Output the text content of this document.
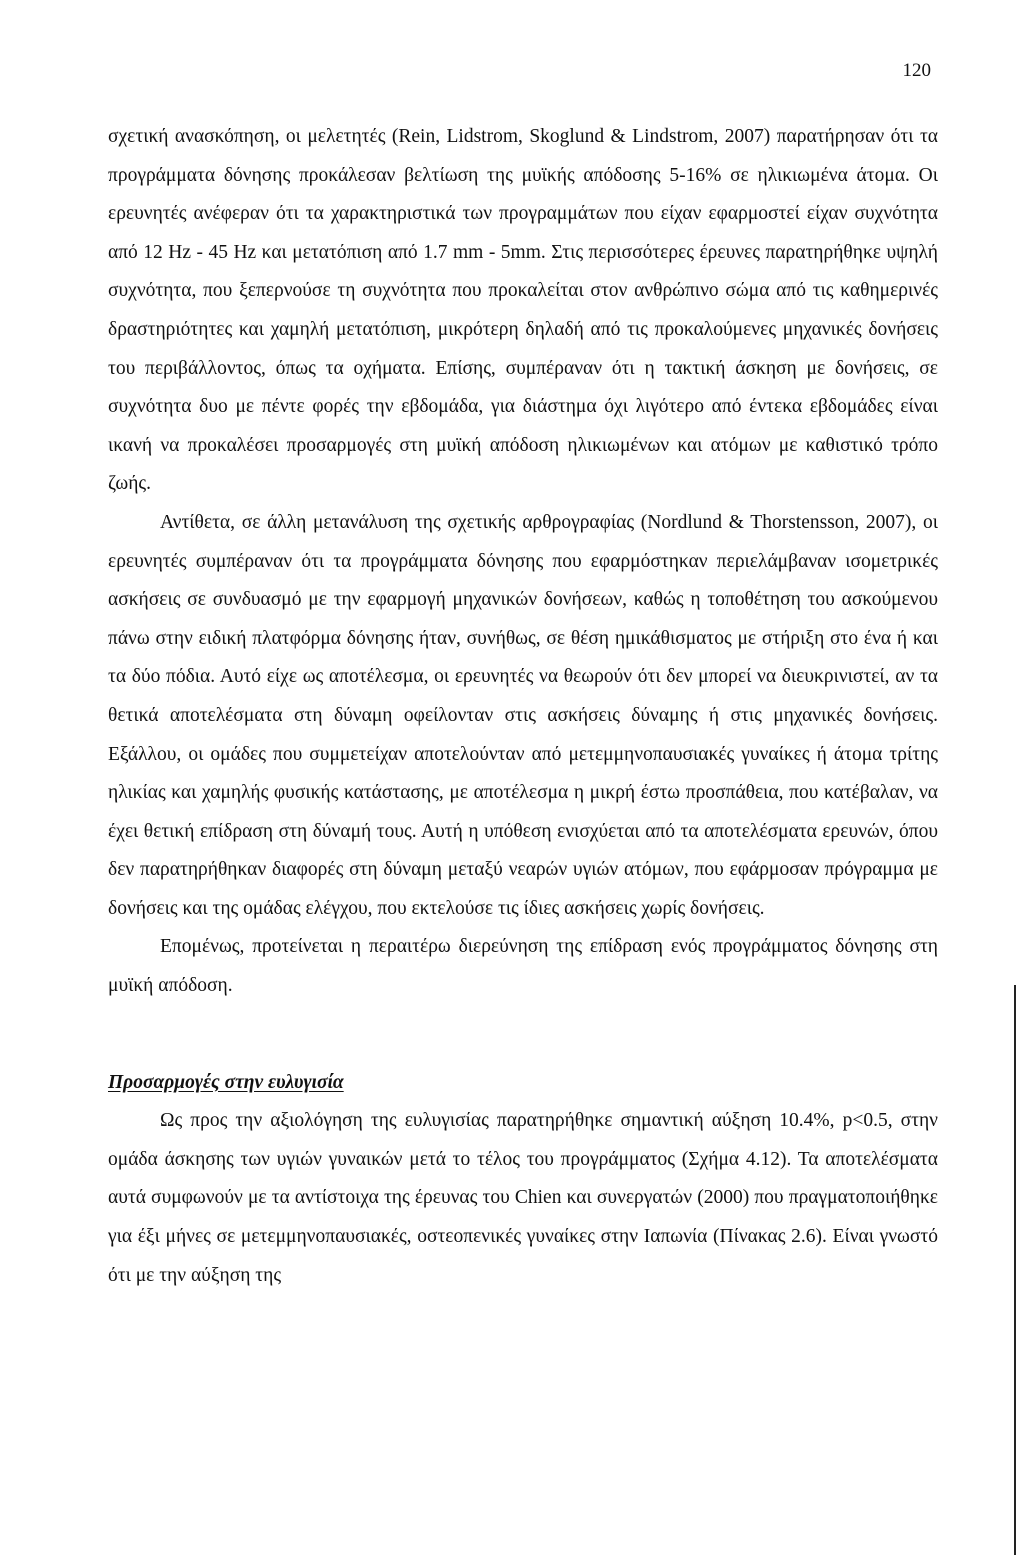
120

σχετική ανασκόπηση, οι μελετητές (Rein, Lidstrom, Skoglund & Lindstrom, 2007) παρατήρησαν ότι τα προγράμματα δόνησης προκάλεσαν βελτίωση της μυϊκής απόδοσης 5-16% σε ηλικιωμένα άτομα. Οι ερευνητές ανέφεραν ότι τα χαρακτηριστικά των προγραμμάτων που είχαν εφαρμοστεί είχαν συχνότητα από 12 Hz - 45 Hz και μετατόπιση από 1.7 mm - 5mm. Στις περισσότερες έρευνες παρατηρήθηκε υψηλή συχνότητα, που ξεπερνούσε τη συχνότητα που προκαλείται στον ανθρώπινο σώμα από τις καθημερινές δραστηριότητες και χαμηλή μετατόπιση, μικρότερη δηλαδή από τις προκαλούμενες μηχανικές δονήσεις του περιβάλλοντος, όπως τα οχήματα. Επίσης, συμπέραναν ότι η τακτική άσκηση με δονήσεις, σε συχνότητα δυο με πέντε φορές την εβδομάδα, για διάστημα όχι λιγότερο από έντεκα εβδομάδες είναι ικανή να προκαλέσει προσαρμογές στη μυϊκή απόδοση ηλικιωμένων και ατόμων με καθιστικό τρόπο ζωής.

Αντίθετα, σε άλλη μετανάλυση της σχετικής αρθρογραφίας (Nordlund & Thorstensson, 2007), οι ερευνητές συμπέραναν ότι τα προγράμματα δόνησης που εφαρμόστηκαν περιελάμβαναν ισομετρικές ασκήσεις σε συνδυασμό με την εφαρμογή μηχανικών δονήσεων, καθώς η τοποθέτηση του ασκούμενου πάνω στην ειδική πλατφόρμα δόνησης ήταν, συνήθως, σε θέση ημικάθισματος με στήριξη στο ένα ή και τα δύο πόδια. Αυτό είχε ως αποτέλεσμα, οι ερευνητές να θεωρούν ότι δεν μπορεί να διευκρινιστεί, αν τα θετικά αποτελέσματα στη δύναμη οφείλονταν στις ασκήσεις δύναμης ή στις μηχανικές δονήσεις. Εξάλλου, οι ομάδες που συμμετείχαν αποτελούνταν από μετεμμηνοπαυσιακές γυναίκες ή άτομα τρίτης ηλικίας και χαμηλής φυσικής κατάστασης, με αποτέλεσμα η μικρή έστω προσπάθεια, που κατέβαλαν, να έχει θετική επίδραση στη δύναμή τους. Αυτή η υπόθεση ενισχύεται από τα αποτελέσματα ερευνών, όπου δεν παρατηρήθηκαν διαφορές στη δύναμη μεταξύ νεαρών υγιών ατόμων, που εφάρμοσαν πρόγραμμα με δονήσεις και της ομάδας ελέγχου, που εκτελούσε τις ίδιες ασκήσεις χωρίς δονήσεις.

Επομένως, προτείνεται η περαιτέρω διερεύνηση της επίδραση ενός προγράμματος δόνησης στη μυϊκή απόδοση.

Προσαρμογές στην ευλυγισία

Ως προς την αξιολόγηση της ευλυγισίας παρατηρήθηκε σημαντική αύξηση 10.4%, p<0.5, στην ομάδα άσκησης των υγιών γυναικών μετά το τέλος του προγράμματος (Σχήμα 4.12). Τα αποτελέσματα αυτά συμφωνούν με τα αντίστοιχα της έρευνας του Chien και συνεργατών (2000) που πραγματοποιήθηκε για έξι μήνες σε μετεμμηνοπαυσιακές, οστεοπενικές γυναίκες στην Ιαπωνία (Πίνακας 2.6). Είναι γνωστό ότι με την αύξηση της
